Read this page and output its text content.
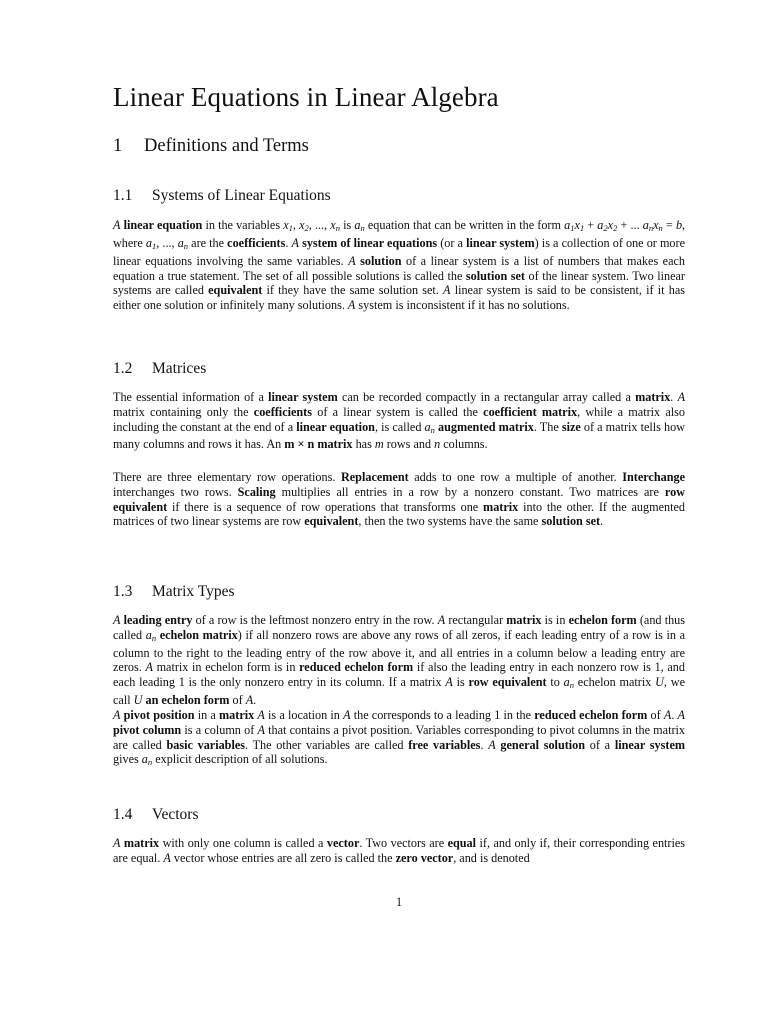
Linear Equations in Linear Algebra
1 Definitions and Terms
1.1 Systems of Linear Equations

A linear equation in the variables $x_1$, $x_2$, ..., $x_n$ is $a_n$ equation that can be written in the form $a_1x_1 + a_2x_2$ + ... $a_nx_n = b$, where $a_1$, ..., $a_n$ are the coefficients. A system of linear equations (or a linear system) is a collection of one or more linear equations involving the same variables. A solution of a linear system is a list of numbers that makes each equation a true statement. The set of all possible solutions is called the solution set of the linear system. Two linear systems are called equivalent if they have the same solution set. A linear system is said to be consistent, if it has either one solution or infinitely many solutions. A system is inconsistent if it has no solutions.

1.2 Matrices

The essential information of a linear system can be recorded compactly in a rectangular array called a matrix. A matrix containing only the coefficients of a linear system is called the coefficient matrix, while a matrix also including the constant at the end of a linear equation, is called $a_n$ augmented matrix. The size of a matrix tells how many columns and rows it has. An m × n matrix has m rows and n columns.

There are three elementary row operations. Replacement adds to one row a multiple of another. Interchange interchanges two rows. Scaling multiplies all entries in a row by a nonzero constant. Two matrices are row equivalent if there is a sequence of row operations that transforms one matrix into the other. If the augmented matrices of two linear systems are row equivalent, then the two systems have the same solution set.

1.3 Matrix Types

A leading entry of a row is the leftmost nonzero entry in the row. A rectangular matrix is in echelon form (and thus called $a_n$ echelon matrix) if all nonzero rows are above any rows of all zeros, if each leading entry of a row is in a column to the right to the leading entry of the row above it, and all entries in a column below a leading entry are zeros. A matrix in echelon form is in reduced echelon form if also the leading entry in each nonzero row is 1, and each leading 1 is the only nonzero entry in its column. If a matrix A is row equivalent to $a_n$ echelon matrix U, we call U an echelon form of A.

A pivot position in a matrix A is a location in A the corresponds to a leading 1 in the reduced echelon form of A. A pivot column is a column of A that contains a pivot position. Variables corresponding to pivot columns in the matrix are called basic variables. The other variables are called free variables. A general solution of a linear system gives $a_n$ explicit description of all solutions.

1.4 Vectors

A matrix with only one column is called a vector. Two vectors are equal if, and only if, their corresponding entries are equal. A vector whose entries are all zero is called the zero vector, and is denoted

1
